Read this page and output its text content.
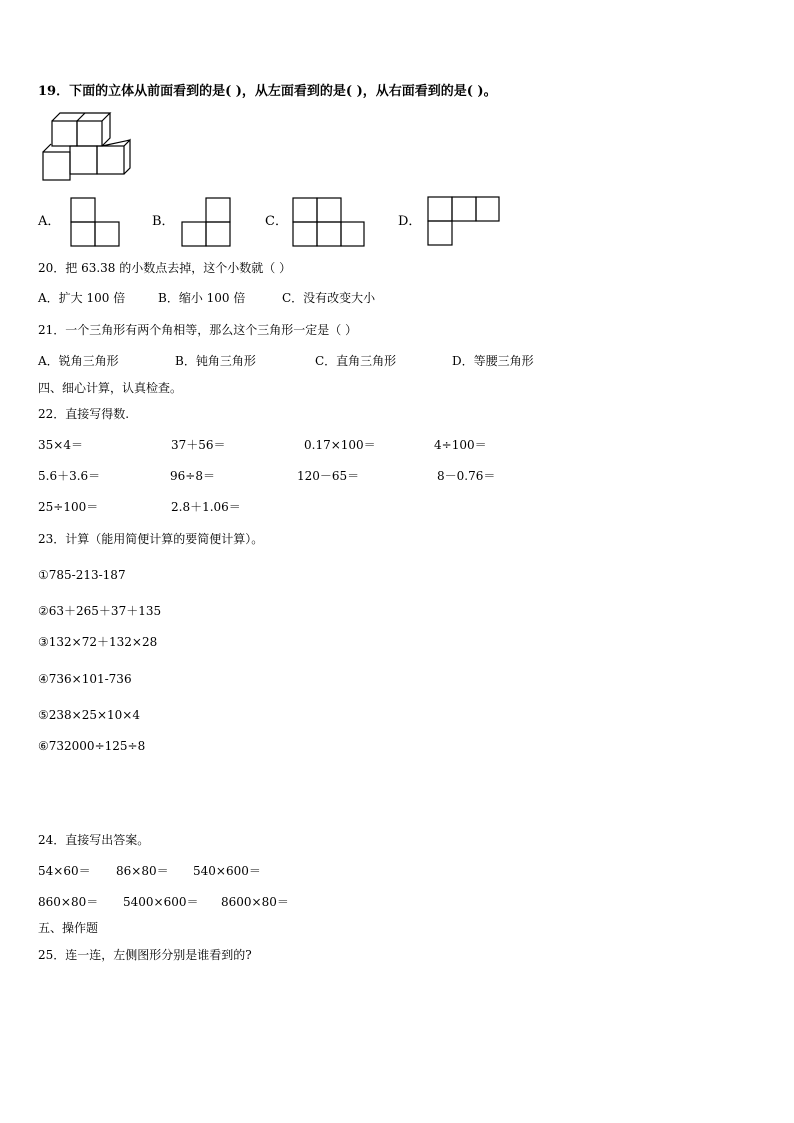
19．下面的立体从前面看到的是( )，从左面看到的是( )，从右面看到的是( )。
A．	B．	C．	D．
20．把 63.38 的小数点去掉，这个小数就（ ）
A．扩大 100 倍	B．缩小 100 倍	C．没有改变大小
21．一个三角形有两个角相等，那么这个三角形一定是（ ）
A．锐角三角形	B．钝角三角形	C．直角三角形	D．等腰三角形
四、细心计算，认真检查。
22．直接写得数.
35×4＝	37＋56＝	0.17×100＝	4÷100＝
5.6＋3.6＝	96÷8＝	120－65＝	8－0.76＝
25÷100＝	2.8＋1.06＝
23．计算（能用简便计算的要简便计算）。
①785-213-187
②63＋265＋37＋135
③132×72＋132×28
④736×101-736
⑤238×25×10×4
⑥732000÷125÷8
24．直接写出答案。
54×60＝ 86×80＝ 540×600＝
860×80＝ 5400×600＝ 8600×80＝
五、操作题
25．连一连，左侧图形分别是谁看到的?
